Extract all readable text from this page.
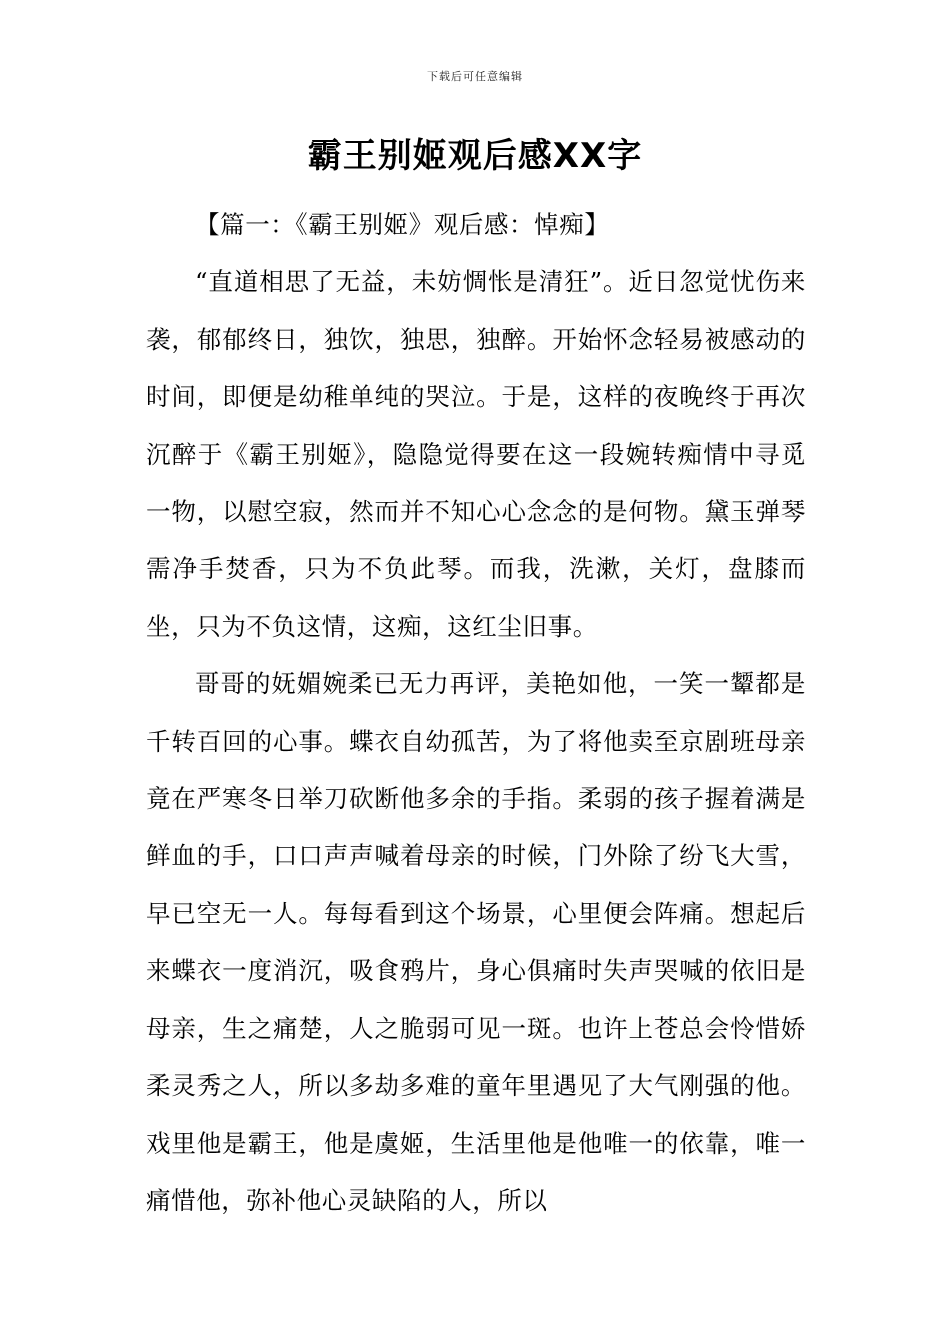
下载后可任意编辑
霸王别姬观后感XX字
【篇一：《霸王别姬》观后感：悼痴】

“直道相思了无益，未妨惆怅是清狂”。近日忽觉忧伤来袭，郁郁终日，独饮，独思，独醉。开始怀念轻易被感动的时间，即便是幼稚单纯的哭泣。于是，这样的夜晚终于再次沉醉于《霸王别姬》，隐隐觉得要在这一段婉转痴情中寻觅一物，以慰空寂，然而并不知心心念念的是何物。黛玉弹琴需净手焚香，只为不负此琴。而我，洗漱，关灯，盘膝而坐，只为不负这情，这痴，这红尘旧事。

哥哥的妩媚婉柔已无力再评，美艳如他，一笑一颦都是千转百回的心事。蝶衣自幼孤苦，为了将他卖至京剧班母亲竟在严寒冬日举刀砍断他多余的手指。柔弱的孩子握着满是鲜血的手，口口声声喊着母亲的时候，门外除了纷飞大雪，早已空无一人。每每看到这个场景，心里便会阵痛。想起后来蝶衣一度消沉，吸食鸦片，身心俱痛时失声哭喊的依旧是母亲，生之痛楚，人之脆弱可见一斑。也许上苍总会怜惜娇柔灵秀之人，所以多劫多难的童年里遇见了大气刚强的他。戏里他是霸王，他是虞姬，生活里他是他唯一的依靠，唯一痛惜他，弥补他心灵缺陷的人，所以
